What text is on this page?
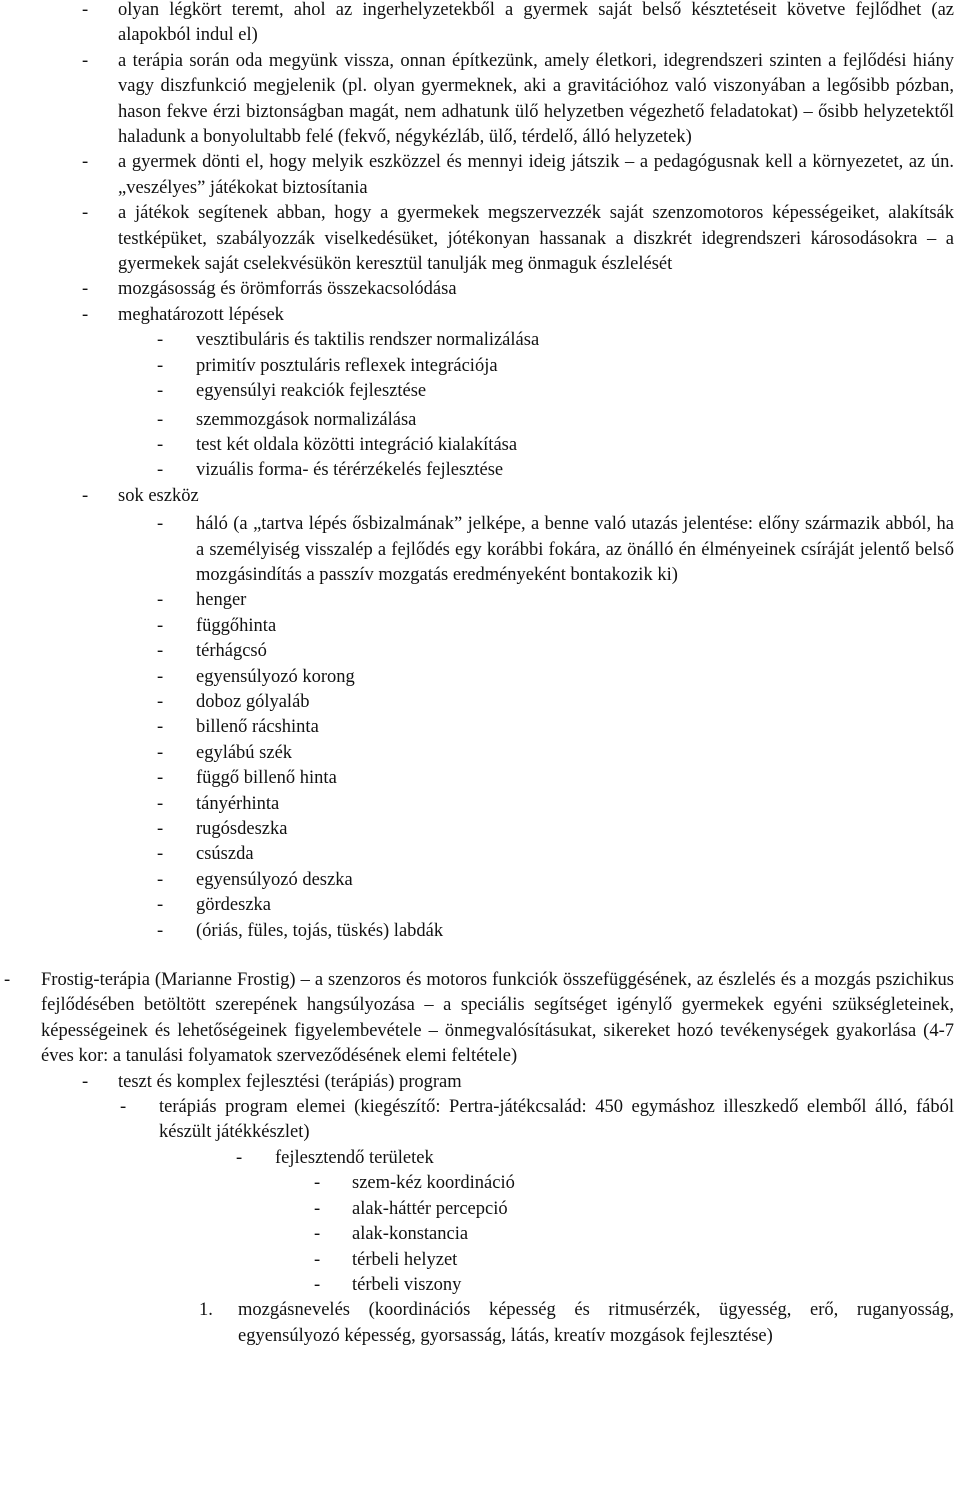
- olyan légkört teremt, ahol az ingerhelyzetekből a gyermek saját belső késztetéseit követve fejlődhet (az alapokból indul el)

- a terápia során oda megyünk vissza, onnan építkezünk, amely életkori, idegrendszeri szinten a fejlődési hiány vagy diszfunkció megjelenik (pl. olyan gyermeknek, aki a gravitációhoz való viszonyában a legősibb pózban, hason fekve érzi biztonságban magát, nem adhatunk ülő helyzetben végezhető feladatokat) – ősibb helyzetektől haladunk a bonyolultabb felé (fekvő, négykézláb, ülő, térdelő, álló helyzetek)

- a gyermek dönti el, hogy melyik eszközzel és mennyi ideig játszik – a pedagógusnak kell a környezetet, az ún. „veszélyes” játékokat biztosítania

- a játékok segítenek abban, hogy a gyermekek megszervezzék saját szenzomotoros képességeiket, alakítsák testképüket, szabályozzák viselkedésüket, jótékonyan hassanak a diszkrét idegrendszeri károsodásokra – a gyermekek saját cselekvésükön keresztül tanulják meg önmaguk észlelését

- mozgásosság és örömforrás összekacsolódása

- meghatározott lépések

- vesztibuláris és taktilis rendszer normalizálása

- primitív posztuláris reflexek integrációja

- egyensúlyi reakciók fejlesztése

- szemmozgások normalizálása

- test két oldala közötti integráció kialakítása

- vizuális forma- és térérzékelés fejlesztése

- sok eszköz

- háló (a „tartva lépés ősbizalmának” jelképe, a benne való utazás jelentése: előny származik abból, ha a személyiség visszalép a fejlődés egy korábbi fokára, az önálló én élményeinek csíráját jelentő belső mozgásindítás a passzív mozgatás eredményeként bontakozik ki)

- henger

- függőhinta

- térhágcsó

- egyensúlyozó korong

- doboz gólyaláb

- billenő rácshinta

- egylábú szék

- függő billenő hinta

- tányérhinta

- rugósdeszka

- csúszda

- egyensúlyozó deszka

- gördeszka

- (óriás, füles, tojás, tüskés) labdák

- Frostig-terápia (Marianne Frostig) – a szenzoros és motoros funkciók összefüggésének, az észlelés és a mozgás pszichikus fejlődésében betöltött szerepének hangsúlyozása – a speciális segítséget igénylő gyermekek egyéni szükségleteinek, képességeinek és lehetőségeinek figyelembevétele – önmegvalósításukat, sikereket hozó tevékenységek gyakorlása (4-7 éves kor: a tanulási folyamatok szerveződésének elemi feltétele)

- teszt és komplex fejlesztési (terápiás) program

- terápiás program elemei (kiegészítő: Pertra-játékcsalád: 450 egymáshoz illeszkedő elemből álló, fából készült játékkészlet)

- fejlesztendő területek

- szem-kéz koordináció

- alak-háttér percepció

- alak-konstancia

- térbeli helyzet

- térbeli viszony

1. mozgásnevelés (koordinációs képesség és ritmusérzék, ügyesség, erő, ruganyosság, egyensúlyozó képesség, gyorsasság, látás, kreatív mozgások fejlesztése)
